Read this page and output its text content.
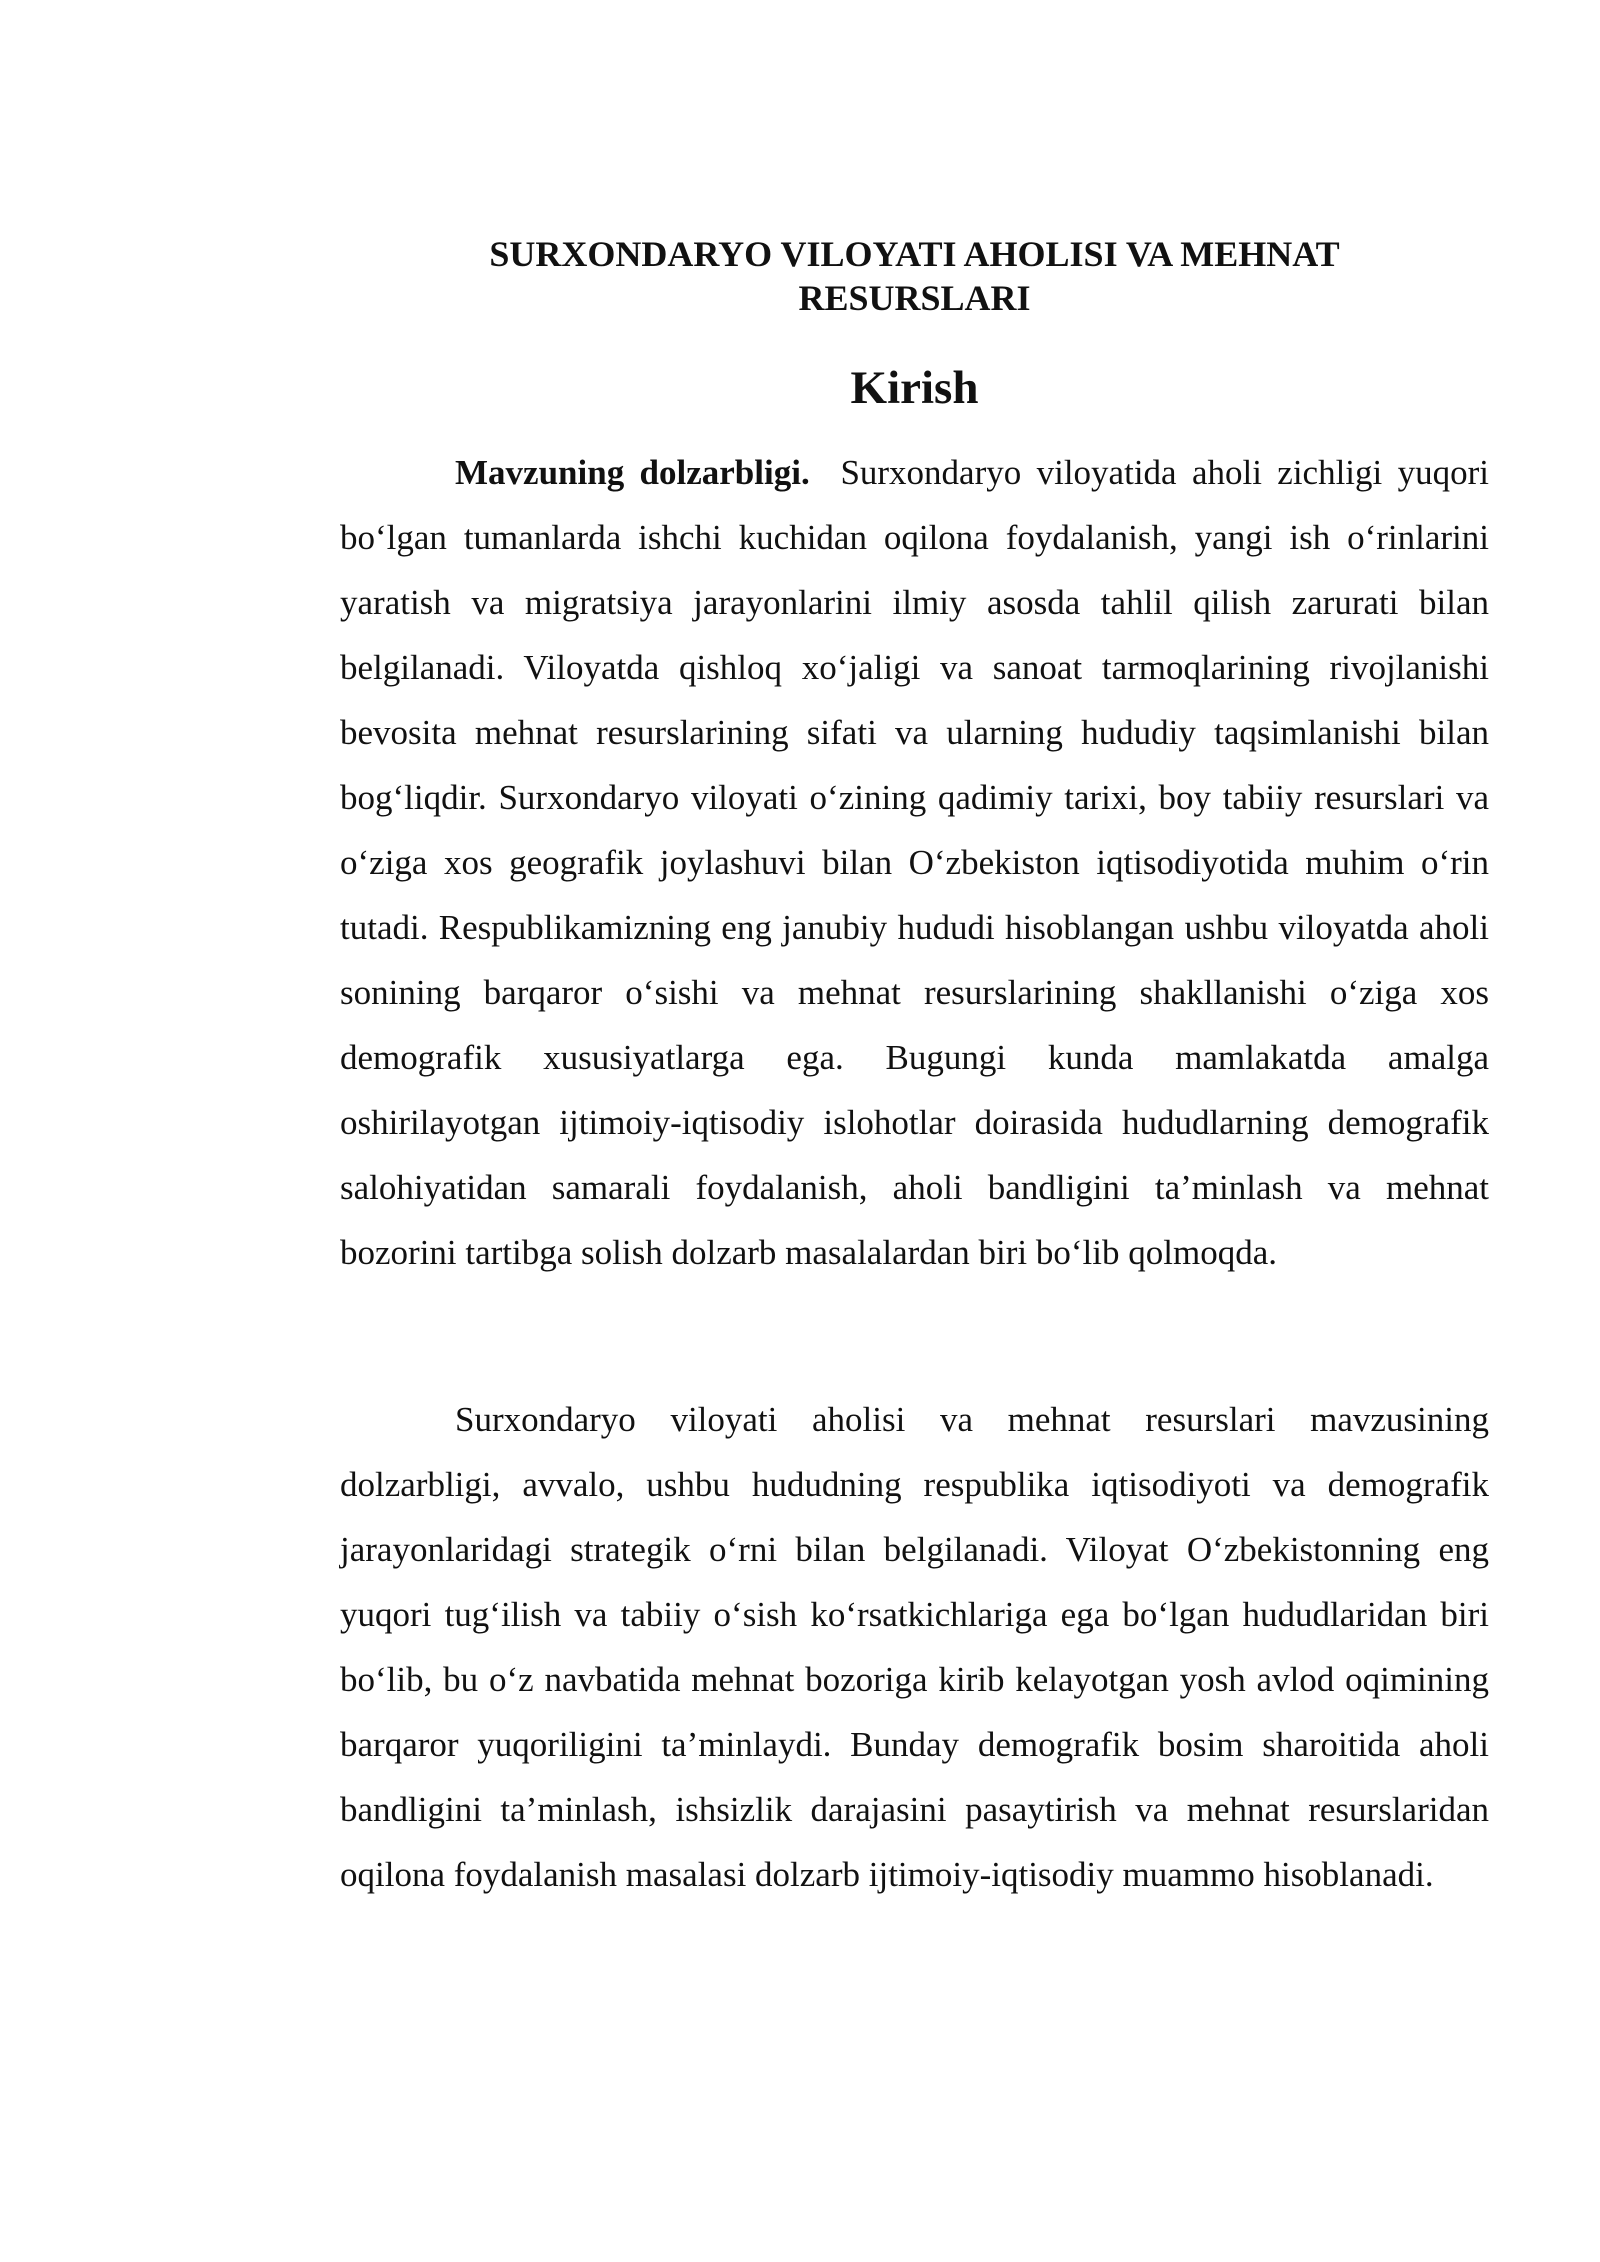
SURXONDARYO VILOYATI AHOLISI VA MEHNAT
RESURSLARI
Kirish

Mavzuning dolzarbligi. Surxondaryo viloyatida aholi zichligi yuqori bo‘lgan tumanlarda ishchi kuchidan oqilona foydalanish, yangi ish o‘rinlarini yaratish va migratsiya jarayonlarini ilmiy asosda tahlil qilish zarurati bilan belgilanadi. Viloyatda qishloq xo‘jaligi va sanoat tarmoqlarining rivojlanishi bevosita mehnat resurslarining sifati va ularning hududiy taqsimlanishi bilan bog‘liqdir. Surxondaryo viloyati o‘zining qadimiy tarixi, boy tabiiy resurslari va o‘ziga xos geografik joylashuvi bilan O‘zbekiston iqtisodiyotida muhim o‘rin tutadi. Respublikamizning eng janubiy hududi hisoblangan ushbu viloyatda aholi sonining barqaror o‘sishi va mehnat resurslarining shakllanishi o‘ziga xos demografik xususiyatlarga ega. Bugungi kunda mamlakatda amalga oshirilayotgan ijtimoiy-iqtisodiy islohotlar doirasida hududlarning demografik salohiyatidan samarali foydalanish, aholi bandligini ta’minlash va mehnat bozorini tartibga solish dolzarb masalalardan biri bo‘lib qolmoqda.

Surxondaryo viloyati aholisi va mehnat resurslari mavzusining dolzarbligi, avvalo, ushbu hududning respublika iqtisodiyoti va demografik jarayonlaridagi strategik o‘rni bilan belgilanadi. Viloyat O‘zbekistonning eng yuqori tug‘ilish va tabiiy o‘sish ko‘rsatkichlariga ega bo‘lgan hududlaridan biri bo‘lib, bu o‘z navbatida mehnat bozoriga kirib kelayotgan yosh avlod oqimining barqaror yuqoriligini ta’minlaydi. Bunday demografik bosim sharoitida aholi bandligini ta’minlash, ishsizlik darajasini pasaytirish va mehnat resurslaridan oqilona foydalanish masalasi dolzarb ijtimoiy-iqtisodiy muammo hisoblanadi.
